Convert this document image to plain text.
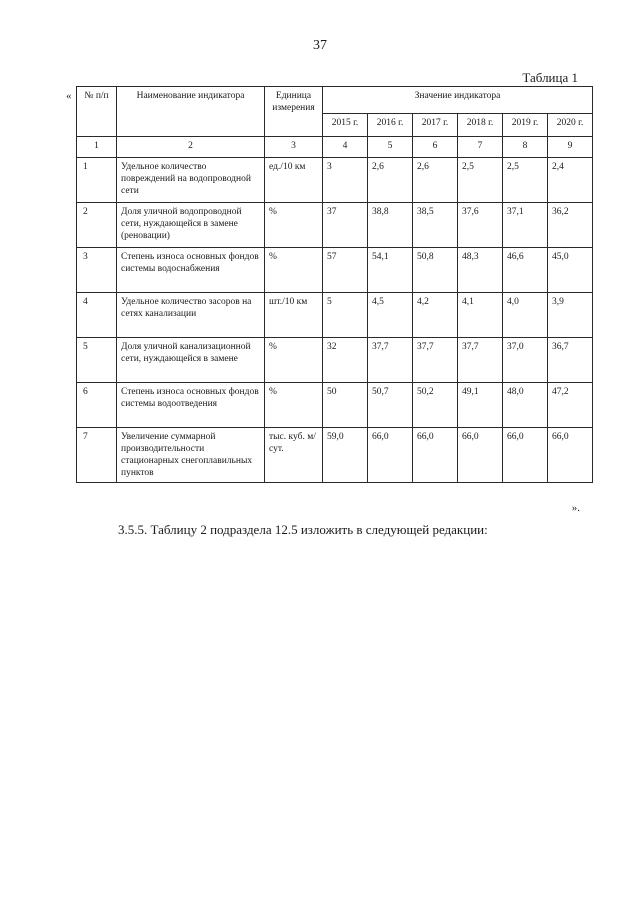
37
Таблица 1
« № п/п	Наименование индикатора	Единица измерения	Значение индикатора					
			2015 г.	2016 г.	2017 г.	2018 г.	2019 г.	2020 г.
1	2	3	4	5	6	7	8	9
1	Удельное количество повреждений на водопроводной сети	ед./10 км	3	2,6	2,6	2,5	2,5	2,4
2	Доля уличной водопроводной сети, нуждающейся в замене (реновации)	%	37	38,8	38,5	37,6	37,1	36,2
3	Степень износа основных фондов системы водоснабжения	%	57	54,1	50,8	48,3	46,6	45,0
4	Удельное количество засоров на сетях канализации	шт./10 км	5	4,5	4,2	4,1	4,0	3,9
5	Доля уличной канализационной сети, нуждающейся в замене	%	32	37,7	37,7	37,7	37,0	36,7
6	Степень износа основных фондов системы водоотведения	%	50	50,7	50,2	49,1	48,0	47,2
7	Увеличение суммарной производительности стационарных снегоплавильных пунктов	тыс. куб. м/сут.	59,0	66,0	66,0	66,0	66,0	66,0
».
3.5.5. Таблицу 2 подраздела 12.5 изложить в следующей редакции:
